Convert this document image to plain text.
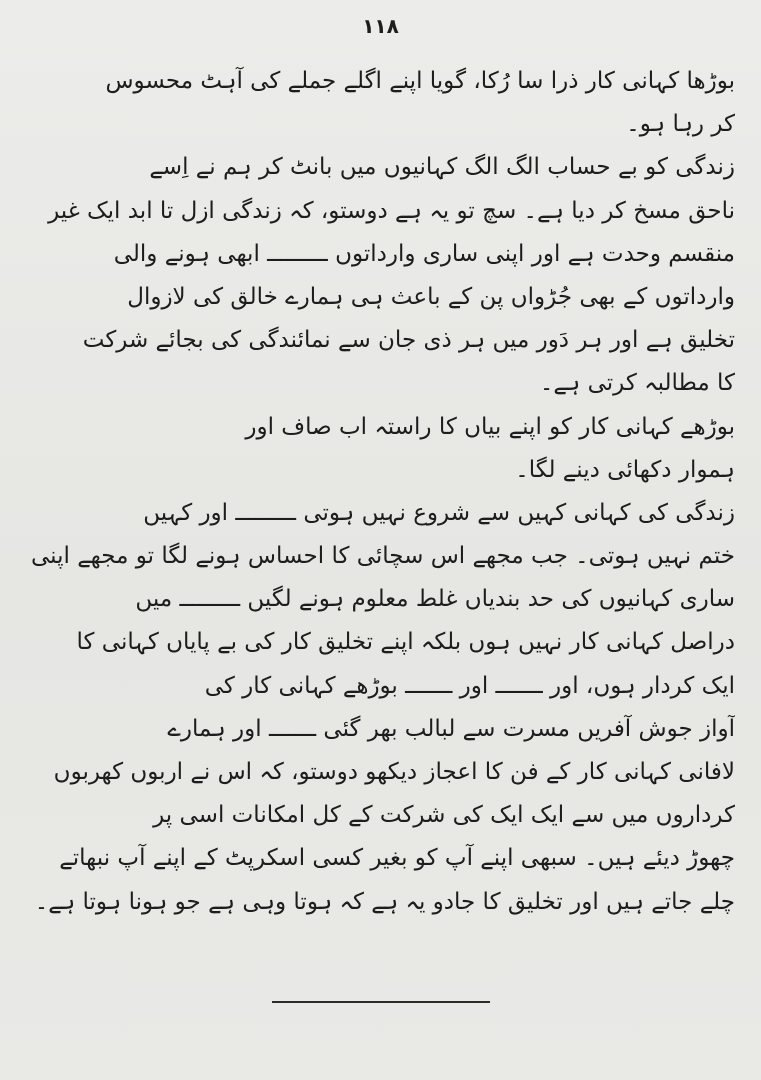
۱۱۸
بوڑھا کہانی کار ذرا سا رُکا، گویا اپنے اگلے جملے کی آہٹ محسوس
کر رہا ہو۔
زندگی کو بے حساب الگ الگ کہانیوں میں بانٹ کر ہم نے اِسے
ناحق مسخ کر دیا ہے۔ سچ تو یہ ہے دوستو، کہ زندگی ازل تا ابد ایک غیر
منقسم وحدت ہے اور اپنی ساری وارداتوں ـــــــــ ابھی ہونے والی
وارداتوں کے بھی جُڑواں پن کے باعث ہی ہمارے خالق کی لازوال
تخلیق ہے اور ہر دَور میں ہر ذی جان سے نمائندگی کی بجائے شرکت
کا مطالبہ کرتی ہے۔
بوڑھے کہانی کار کو اپنے بیاں کا راستہ اب صاف اور
ہموار دکھائی دینے لگا۔
زندگی کی کہانی کہیں سے شروع نہیں ہوتی ـــــــــ اور کہیں
ختم نہیں ہوتی۔ جب مجھے اس سچائی کا احساس ہونے لگا تو مجھے اپنی
ساری کہانیوں کی حد بندیاں غلط معلوم ہونے لگیں ـــــــــ میں
دراصل کہانی کار نہیں ہوں بلکہ اپنے تخلیق کار کی بے پایاں کہانی کا
ایک کردار ہوں، اور ـــــــ اور ـــــــ بوڑھے کہانی کار کی
آواز جوش آفریں مسرت سے لبالب بھر گئی ـــــــ اور ہمارے
لافانی کہانی کار کے فن کا اعجاز دیکھو دوستو، کہ اس نے اربوں کھربوں
کرداروں میں سے ایک ایک کی شرکت کے کل امکانات اسی پر
چھوڑ دیئے ہیں۔ سبھی اپنے آپ کو بغیر کسی اسکرپٹ کے اپنے آپ نبھاتے
چلے جاتے ہیں اور تخلیق کا جادو یہ ہے کہ ہوتا وہی ہے جو ہونا ہوتا ہے۔
